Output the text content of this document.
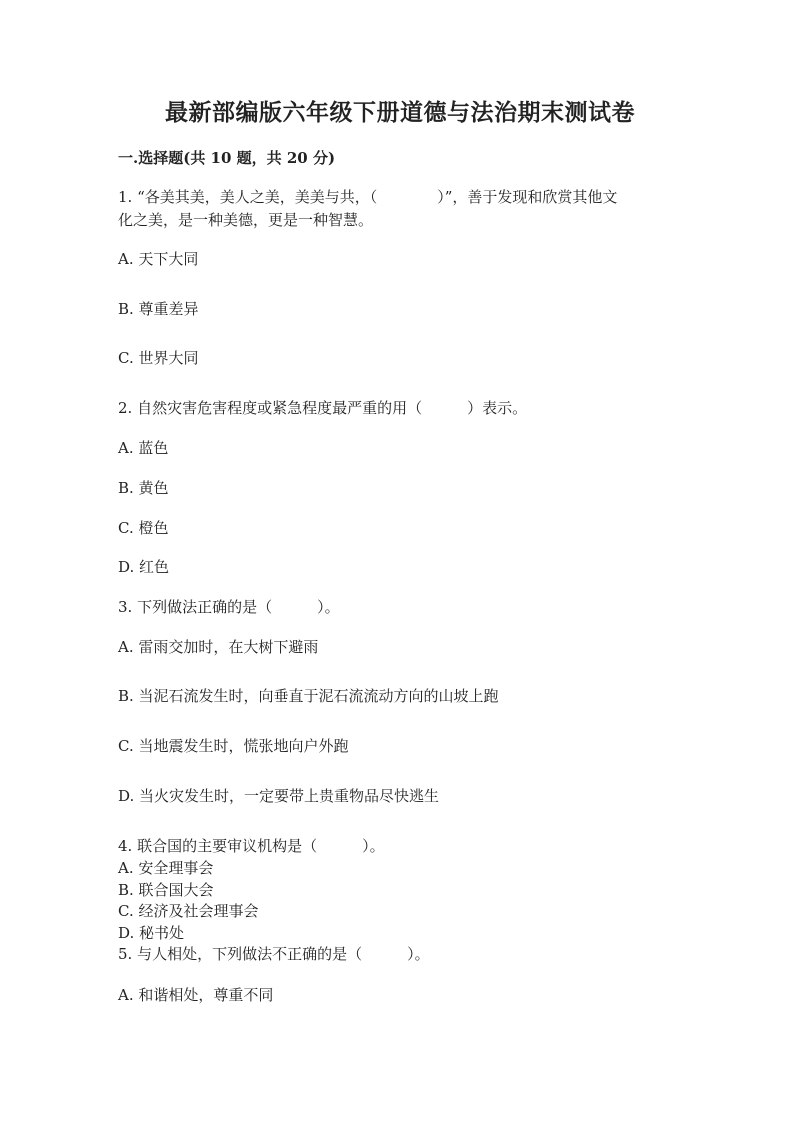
最新部编版六年级下册道德与法治期末测试卷
一.选择题(共 10 题，共 20 分)
1. “各美其美，美人之美，美美与共，（　　　　）”，善于发现和欣赏其他文
化之美，是一种美德，更是一种智慧。
A. 天下大同
B. 尊重差异
C. 世界大同
2. 自然灾害危害程度或紧急程度最严重的用（　　　）表示。
A. 蓝色
B. 黄色
C. 橙色
D. 红色
3. 下列做法正确的是（　　　）。
A. 雷雨交加时，在大树下避雨
B. 当泥石流发生时，向垂直于泥石流流动方向的山坡上跑
C. 当地震发生时，慌张地向户外跑
D. 当火灾发生时，一定要带上贵重物品尽快逃生
4. 联合国的主要审议机构是（　　　）。
A. 安全理事会
B. 联合国大会
C. 经济及社会理事会
D. 秘书处
5. 与人相处，下列做法不正确的是（　　　）。
A. 和谐相处，尊重不同
